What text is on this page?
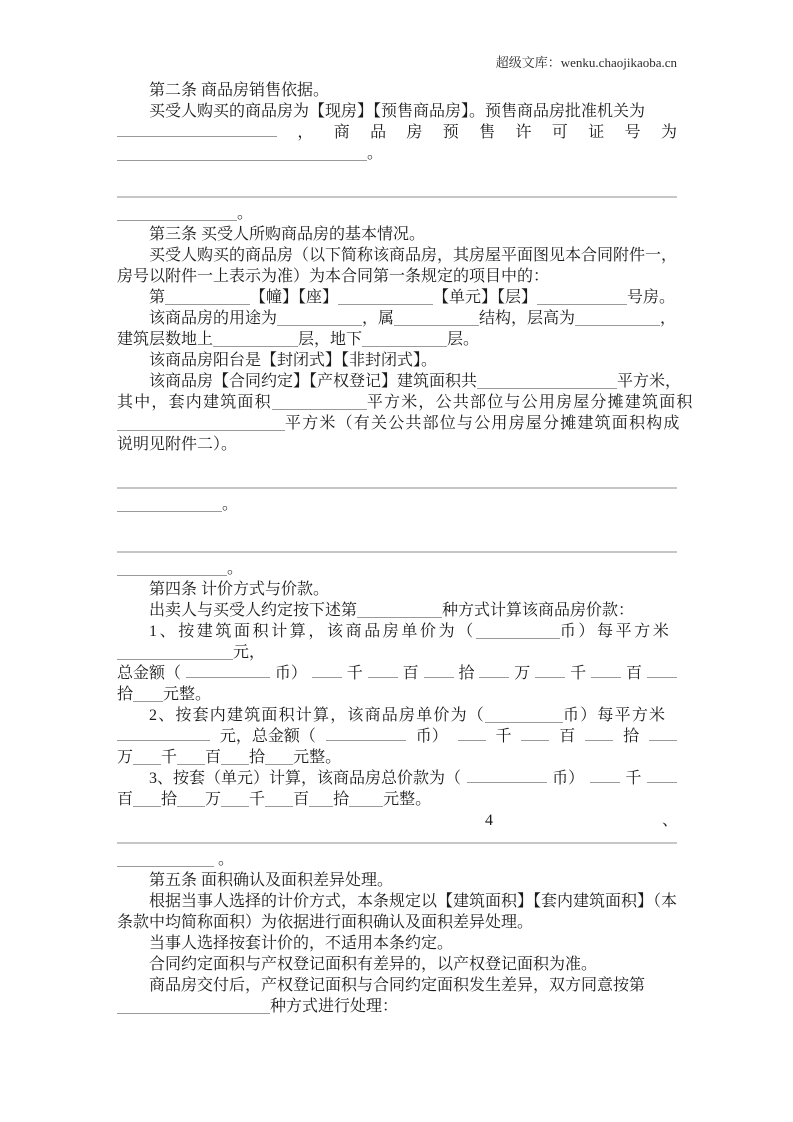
超级文库：wenku.chaojikaoba.cn
第二条 商品房销售依据。
买受人购买的商品房为【现房】【预售商品房】。预售商品房批准机关为
， 商 品 房 预 售 许 可 证 号 为
。
。
第三条 买受人所购商品房的基本情况。
买受人购买的商品房（以下简称该商品房，其房屋平面图见本合同附件一，
房号以附件一上表示为准）为本合同第一条规定的项目中的：
第	【幢】【座】	【单元】【层】	号房。
该商品房的用途为	，属	结构，层高为	，
建筑层数地上	层，地下	层。
该商品房阳台是【封闭式】【非封闭式】。
该商品房【合同约定】【产权登记】建筑面积共	平方米，
其中，套内建筑面积	平方米，公共部位与公用房屋分摊建筑面积
平方米（有关公共部位与公用房屋分摊建筑面积构成
说明见附件二）。
。
。
第四条 计价方式与价款。
出卖人与买受人约定按下述第	种方式计算该商品房价款：
1、按建筑面积计算，该商品房单价为（	币）每平方米
元，
总金额（	币） 千 百 拾 万 千 百
拾 元整。
2、按套内建筑面积计算，该商品房单价为（	币）每平方米
元，总金额（	币）	千	百	拾
万 千 百 拾 元整。
3、按套（单元）计算，该商品房总价款为（	币）	千
百 拾 万 千 百 拾 元整。
4	、
。
第五条 面积确认及面积差异处理。
根据当事人选择的计价方式，本条规定以【建筑面积】【套内建筑面积】（本
条款中均简称面积）为依据进行面积确认及面积差异处理。
当事人选择按套计价的，不适用本条约定。
合同约定面积与产权登记面积有差异的，以产权登记面积为准。
商品房交付后，产权登记面积与合同约定面积发生差异，双方同意按第
种方式进行处理：
